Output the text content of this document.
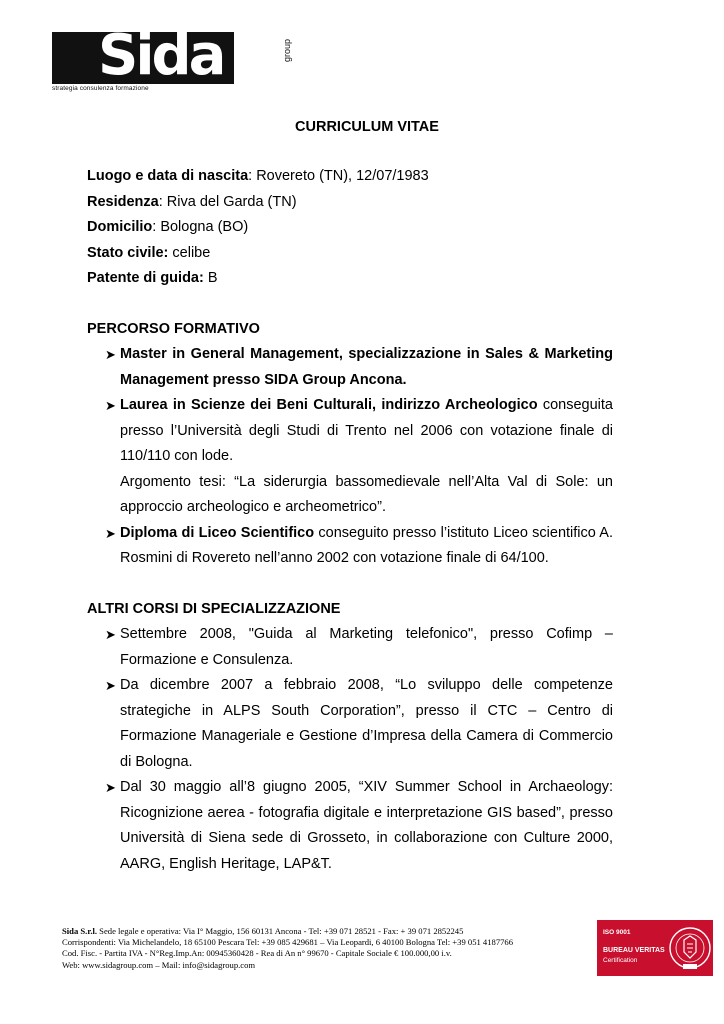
Sida
strategia consulenza formazione
group
CURRICULUM VITAE
Luogo e data di nascita: Rovereto (TN), 12/07/1983
Residenza: Riva del Garda (TN)
Domicilio: Bologna (BO)
Stato civile: celibe
Patente di guida: B
PERCORSO FORMATIVO
➤ Master in General Management, specializzazione in Sales & Marketing Management presso SIDA Group Ancona.
➤ Laurea in Scienze dei Beni Culturali, indirizzo Archeologico conseguita presso l’Università degli Studi di Trento nel 2006 con votazione finale di 110/110 con lode.
Argomento tesi: “La siderurgia bassomedievale nell’Alta Val di Sole: un approccio archeologico e archeometrico”.
➤ Diploma di Liceo Scientifico conseguito presso l’istituto Liceo scientifico A. Rosmini di Rovereto nell’anno 2002 con votazione finale di 64/100.
ALTRI CORSI DI SPECIALIZZAZIONE
➤ Settembre 2008, "Guida al Marketing telefonico", presso Cofimp – Formazione e Consulenza.
➤ Da dicembre 2007 a febbraio 2008, “Lo sviluppo delle competenze strategiche in ALPS South Corporation”, presso il CTC – Centro di Formazione Manageriale e Gestione d’Impresa della Camera di Commercio di Bologna.
➤ Dal 30 maggio all’8 giugno 2005, “XIV Summer School in Archaeology: Ricognizione aerea - fotografia digitale e interpretazione GIS based”, presso Università di Siena sede di Grosseto, in collaborazione con Culture 2000, AARG, English Heritage, LAP&T.
Sida S.r.l. Sede legale e operativa: Via I° Maggio, 156 60131 Ancona - Tel: +39 071 28521 - Fax: + 39 071 2852245
Corrispondenti: Via Michelandelo, 18 65100 Pescara Tel: +39 085 429681 – Via Leopardi, 6 40100 Bologna Tel: +39 051 4187766
Cod. Fisc. - Partita IVA - N°Reg.Imp.An: 00945360428 - Rea di An n° 99670 - Capitale Sociale € 100.000,00 i.v.
Web: www.sidagroup.com – Mail: info@sidagroup.com
ISO 9001
BUREAU VERITAS
Certification
